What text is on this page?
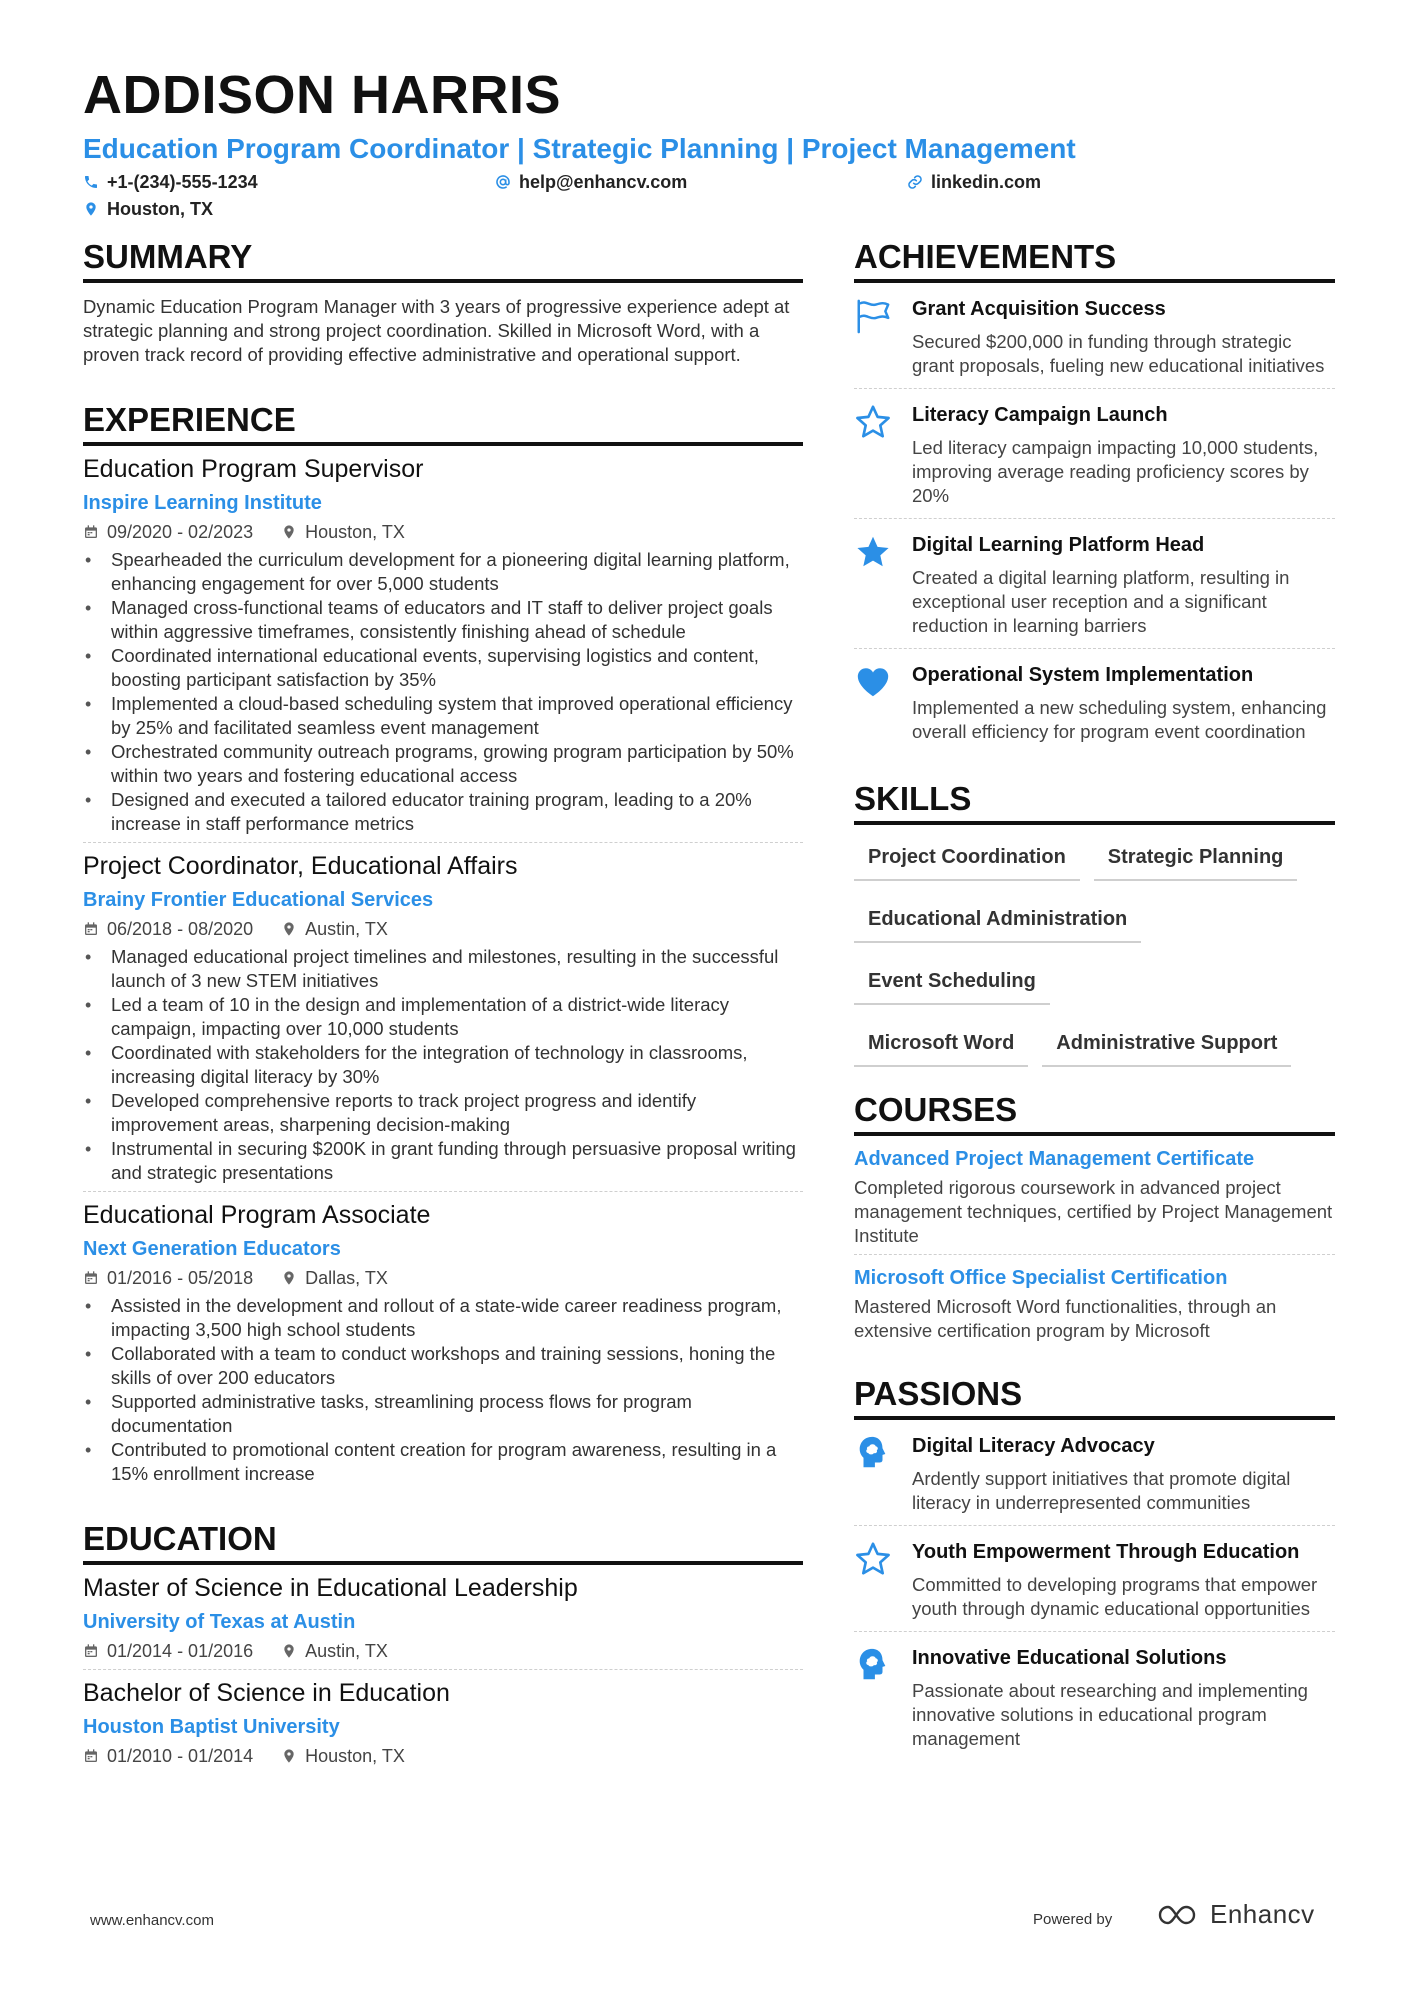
ADDISON HARRIS
Education Program Coordinator | Strategic Planning | Project Management
+1-(234)-555-1234	help@enhancv.com	linkedin.com
Houston, TX
SUMMARY
Dynamic Education Program Manager with 3 years of progressive experience adept at strategic planning and strong project coordination. Skilled in Microsoft Word, with a proven track record of providing effective administrative and operational support.
EXPERIENCE
Education Program Supervisor
Inspire Learning Institute
09/2020 - 02/2023	Houston, TX
• Spearheaded the curriculum development for a pioneering digital learning platform, enhancing engagement for over 5,000 students
• Managed cross-functional teams of educators and IT staff to deliver project goals within aggressive timeframes, consistently finishing ahead of schedule
• Coordinated international educational events, supervising logistics and content, boosting participant satisfaction by 35%
• Implemented a cloud-based scheduling system that improved operational efficiency by 25% and facilitated seamless event management
• Orchestrated community outreach programs, growing program participation by 50% within two years and fostering educational access
• Designed and executed a tailored educator training program, leading to a 20% increase in staff performance metrics
Project Coordinator, Educational Affairs
Brainy Frontier Educational Services
06/2018 - 08/2020	Austin, TX
• Managed educational project timelines and milestones, resulting in the successful launch of 3 new STEM initiatives
• Led a team of 10 in the design and implementation of a district-wide literacy campaign, impacting over 10,000 students
• Coordinated with stakeholders for the integration of technology in classrooms, increasing digital literacy by 30%
• Developed comprehensive reports to track project progress and identify improvement areas, sharpening decision-making
• Instrumental in securing $200K in grant funding through persuasive proposal writing and strategic presentations
Educational Program Associate
Next Generation Educators
01/2016 - 05/2018	Dallas, TX
• Assisted in the development and rollout of a state-wide career readiness program, impacting 3,500 high school students
• Collaborated with a team to conduct workshops and training sessions, honing the skills of over 200 educators
• Supported administrative tasks, streamlining process flows for program documentation
• Contributed to promotional content creation for program awareness, resulting in a 15% enrollment increase
EDUCATION
Master of Science in Educational Leadership
University of Texas at Austin
01/2014 - 01/2016	Austin, TX
Bachelor of Science in Education
Houston Baptist University
01/2010 - 01/2014	Houston, TX
ACHIEVEMENTS
Grant Acquisition Success
Secured $200,000 in funding through strategic grant proposals, fueling new educational initiatives
Literacy Campaign Launch
Led literacy campaign impacting 10,000 students, improving average reading proficiency scores by 20%
Digital Learning Platform Head
Created a digital learning platform, resulting in exceptional user reception and a significant reduction in learning barriers
Operational System Implementation
Implemented a new scheduling system, enhancing overall efficiency for program event coordination
SKILLS
Project Coordination	Strategic Planning
Educational Administration
Event Scheduling
Microsoft Word	Administrative Support
COURSES
Advanced Project Management Certificate
Completed rigorous coursework in advanced project management techniques, certified by Project Management Institute
Microsoft Office Specialist Certification
Mastered Microsoft Word functionalities, through an extensive certification program by Microsoft
PASSIONS
Digital Literacy Advocacy
Ardently support initiatives that promote digital literacy in underrepresented communities
Youth Empowerment Through Education
Committed to developing programs that empower youth through dynamic educational opportunities
Innovative Educational Solutions
Passionate about researching and implementing innovative solutions in educational program management
www.enhancv.com	Powered by	Enhancv
